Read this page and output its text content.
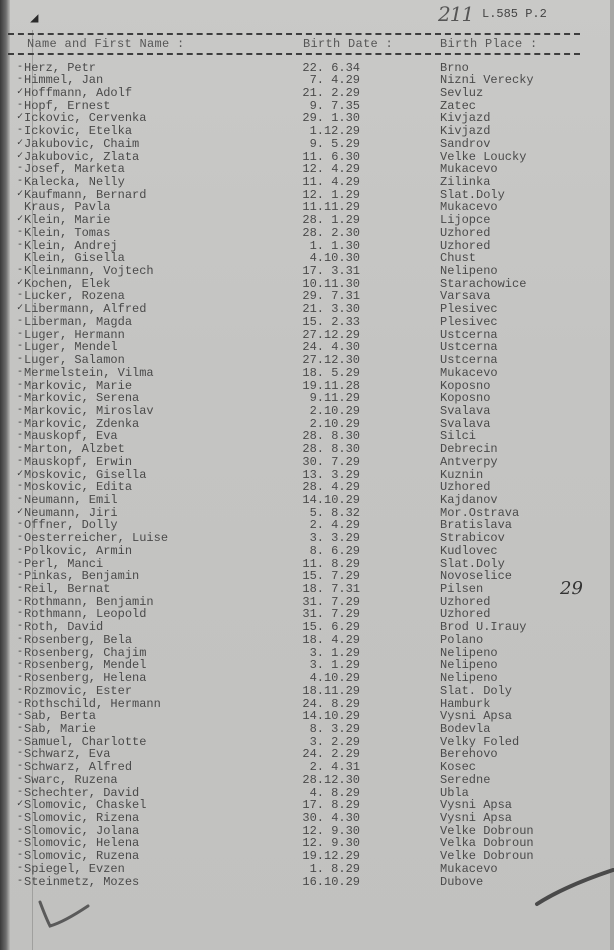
◢	211 L.585 P.2
Name and First Name :	Birth Date :	Birth Place :
- Herz, Petr	22. 6.34	Brno
- Himmel, Jan	7. 4.29	Nizni Verecky
✓ Hoffmann, Adolf	21. 2.29	Sevluz
- Hopf, Ernest	9. 7.35	Zatec
✓ Ickovic, Cervenka	29. 1.30	Kivjazd
- Ickovic, Etelka	1.12.29	Kivjazd
✓ Jakubovic, Chaim	9. 5.29	Sandrov
✓ Jakubovic, Zlata	11. 6.30	Velke Loucky
- Josef, Marketa	12. 4.29	Mukacevo
- Kalecka, Nelly	11. 4.29	Zilinka
✓ Kaufmann, Bernard	12. 1.29	Slat.Doly
Kraus, Pavla	11.11.29	Mukacevo
✓ Klein, Marie	28. 1.29	Lijopce
- Klein, Tomas	28. 2.30	Uzhored
- Klein, Andrej	1. 1.30	Uzhored
Klein, Gisella	4.10.30	Chust
- Kleinmann, Vojtech	17. 3.31	Nelipeno
✓ Kochen, Elek	10.11.30	Starachowice
- Lucker, Rozena	29. 7.31	Varsava
✓ Libermann, Alfred	21. 3.30	Plesivec
- Liberman, Magda	15. 2.33	Plesivec
- Luger, Hermann	27.12.29	Ustcerna
- Luger, Mendel	24. 4.30	Ustcerna
- Luger, Salamon	27.12.30	Ustcerna
- Mermelstein, Vilma	18. 5.29	Mukacevo
- Markovic, Marie	19.11.28	Koposno
- Markovic, Serena	9.11.29	Koposno
- Markovic, Miroslav	2.10.29	Svalava
- Markovic, Zdenka	2.10.29	Svalava
- Mauskopf, Eva	28. 8.30	Silci
- Marton, Alzbet	28. 8.30	Debrecin
- Mauskopf, Erwin	30. 7.29	Antverpy
✓ Moskovic, Gisella	13. 3.29	Kuznin
- Moskovic, Edita	28. 4.29	Uzhored
- Neumann, Emil	14.10.29	Kajdanov
✓ Neumann, Jiri	5. 8.32	Mor.Ostrava
- Offner, Dolly	2. 4.29	Bratislava
- Oesterreicher, Luise	3. 3.29	Strabicov
- Polkovic, Armin	8. 6.29	Kudlovec
- Perl, Manci	11. 8.29	Slat.Doly
- Pinkas, Benjamin	15. 7.29	Novoselice
- Reil, Bernat	18. 7.31	Pilsen
- Rothmann, Benjamin	31. 7.29	Uzhored
- Rothmann, Leopold	31. 7.29	Uzhored
- Roth, David	15. 6.29	Brod U.Irauy
- Rosenberg, Bela	18. 4.29	Polano
- Rosenberg, Chajim	3. 1.29	Nelipeno
- Rosenberg, Mendel	3. 1.29	Nelipeno
- Rosenberg, Helena	4.10.29	Nelipeno
- Rozmovic, Ester	18.11.29	Slat. Doly
- Rothschild, Hermann	24. 8.29	Hamburk
- Sab, Berta	14.10.29	Vysni Apsa
- Sab, Marie	8. 3.29	Bodevla
- Samuel, Charlotte	3. 2.29	Velky Foled
- Schwarz, Eva	24. 2.29	Berehovo
- Schwarz, Alfred	2. 4.31	Kosec
- Swarc, Ruzena	28.12.30	Seredne
- Schechter, David	4. 8.29	Ubla
✓ Slomovic, Chaskel	17. 8.29	Vysni Apsa
- Slomovic, Rizena	30. 4.30	Vysni Apsa
- Slomovic, Jolana	12. 9.30	Velke Dobroun
- Slomovic, Helena	12. 9.30	Velka Dobroun
- Slomovic, Ruzena	19.12.29	Velke Dobroun
- Spiegel, Evzen	1. 8.29	Mukacevo
- Steinmetz, Mozes	16.10.29	Dubove
29
